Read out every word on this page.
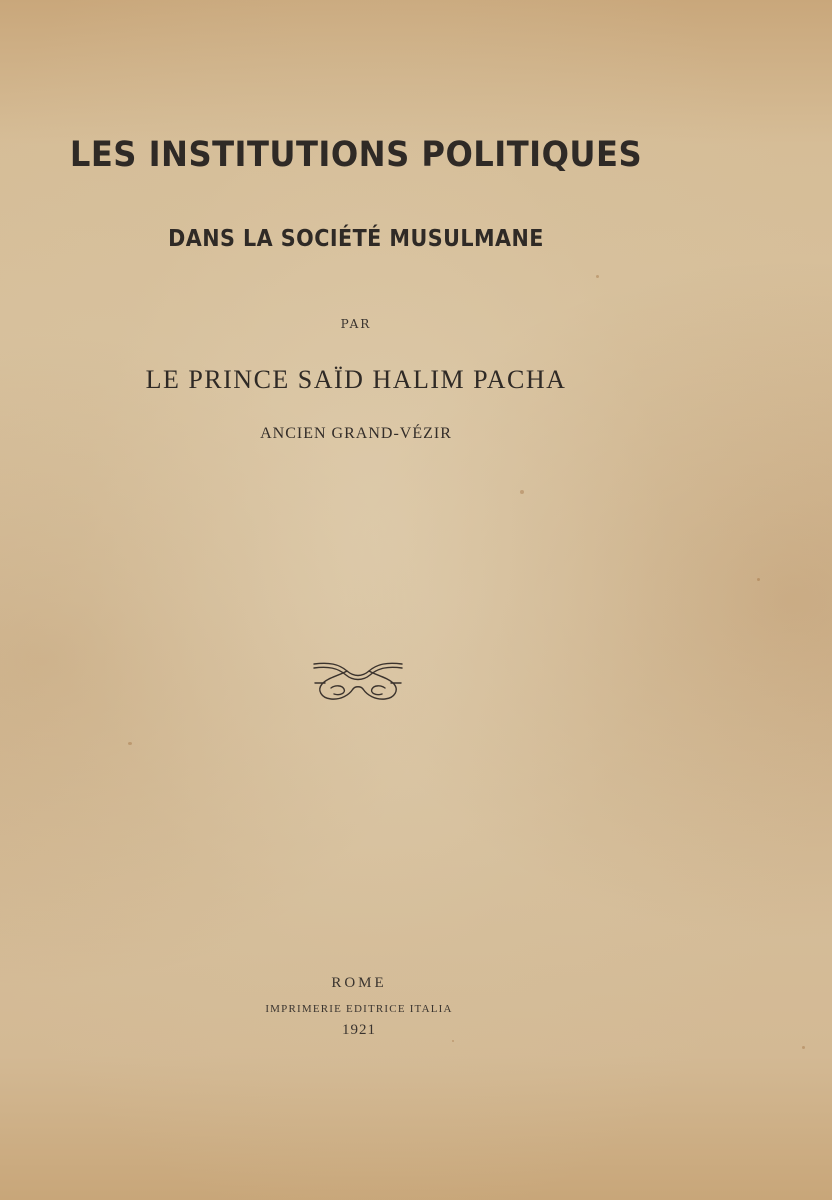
LES INSTITUTIONS POLITIQUES
DANS LA SOCIÉTÉ MUSULMANE
PAR
LE PRINCE SAÏD HALIM PACHA
ANCIEN GRAND-VÉZIR
ROME
IMPRIMERIE EDITRICE ITALIA
1921
